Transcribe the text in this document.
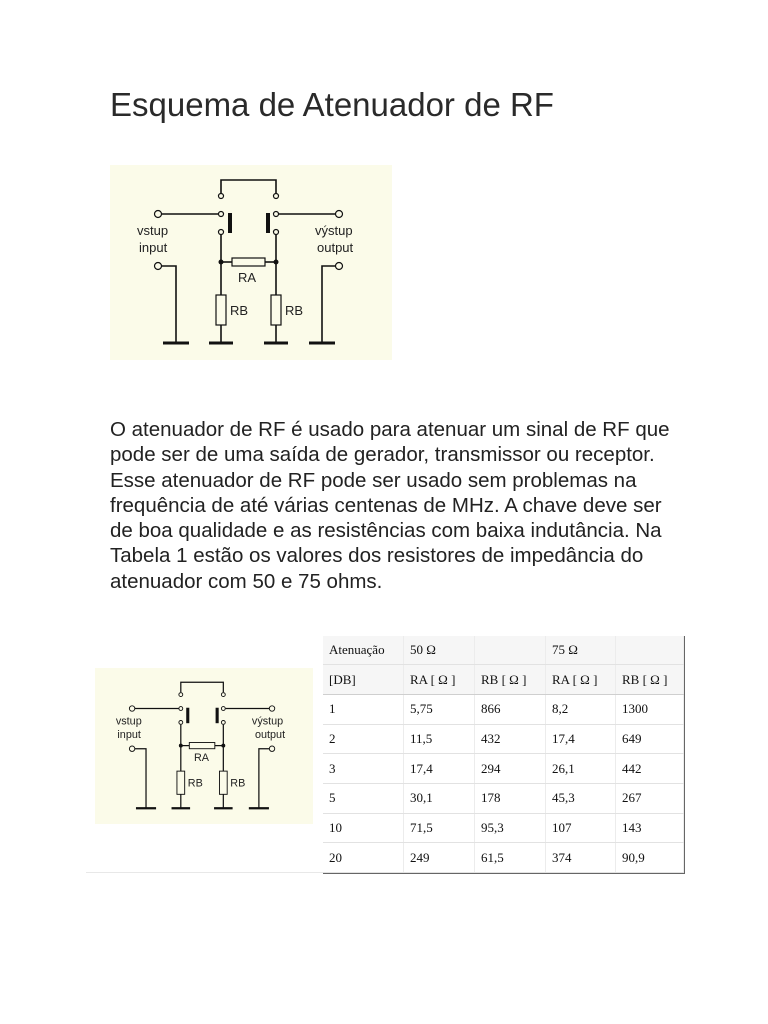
Esquema de Atenuador de RF
vstup
input
výstup
output
RA
RB	RB

O atenuador de RF é usado para atenuar um sinal de RF que pode ser de uma saída de gerador, transmissor ou receptor. Esse atenuador de RF pode ser usado sem problemas na frequência de até várias centenas de MHz. A chave deve ser de boa qualidade e as resistências com baixa indutância. Na Tabela 1 estão os valores dos resistores de impedância do atenuador com 50 e 75 ohms.

vstup
input
výstup
output
RA
RB RB
Atenuação	50 Ω		75 Ω	
[DB]	RA [ Ω ]	RB [ Ω ]	RA [ Ω ]	RB [ Ω ]
1	5,75	866	8,2	1300
2	11,5	432	17,4	649
3	17,4	294	26,1	442
5	30,1	178	45,3	267
10	71,5	95,3	107	143
20	249	61,5	374	90,9
